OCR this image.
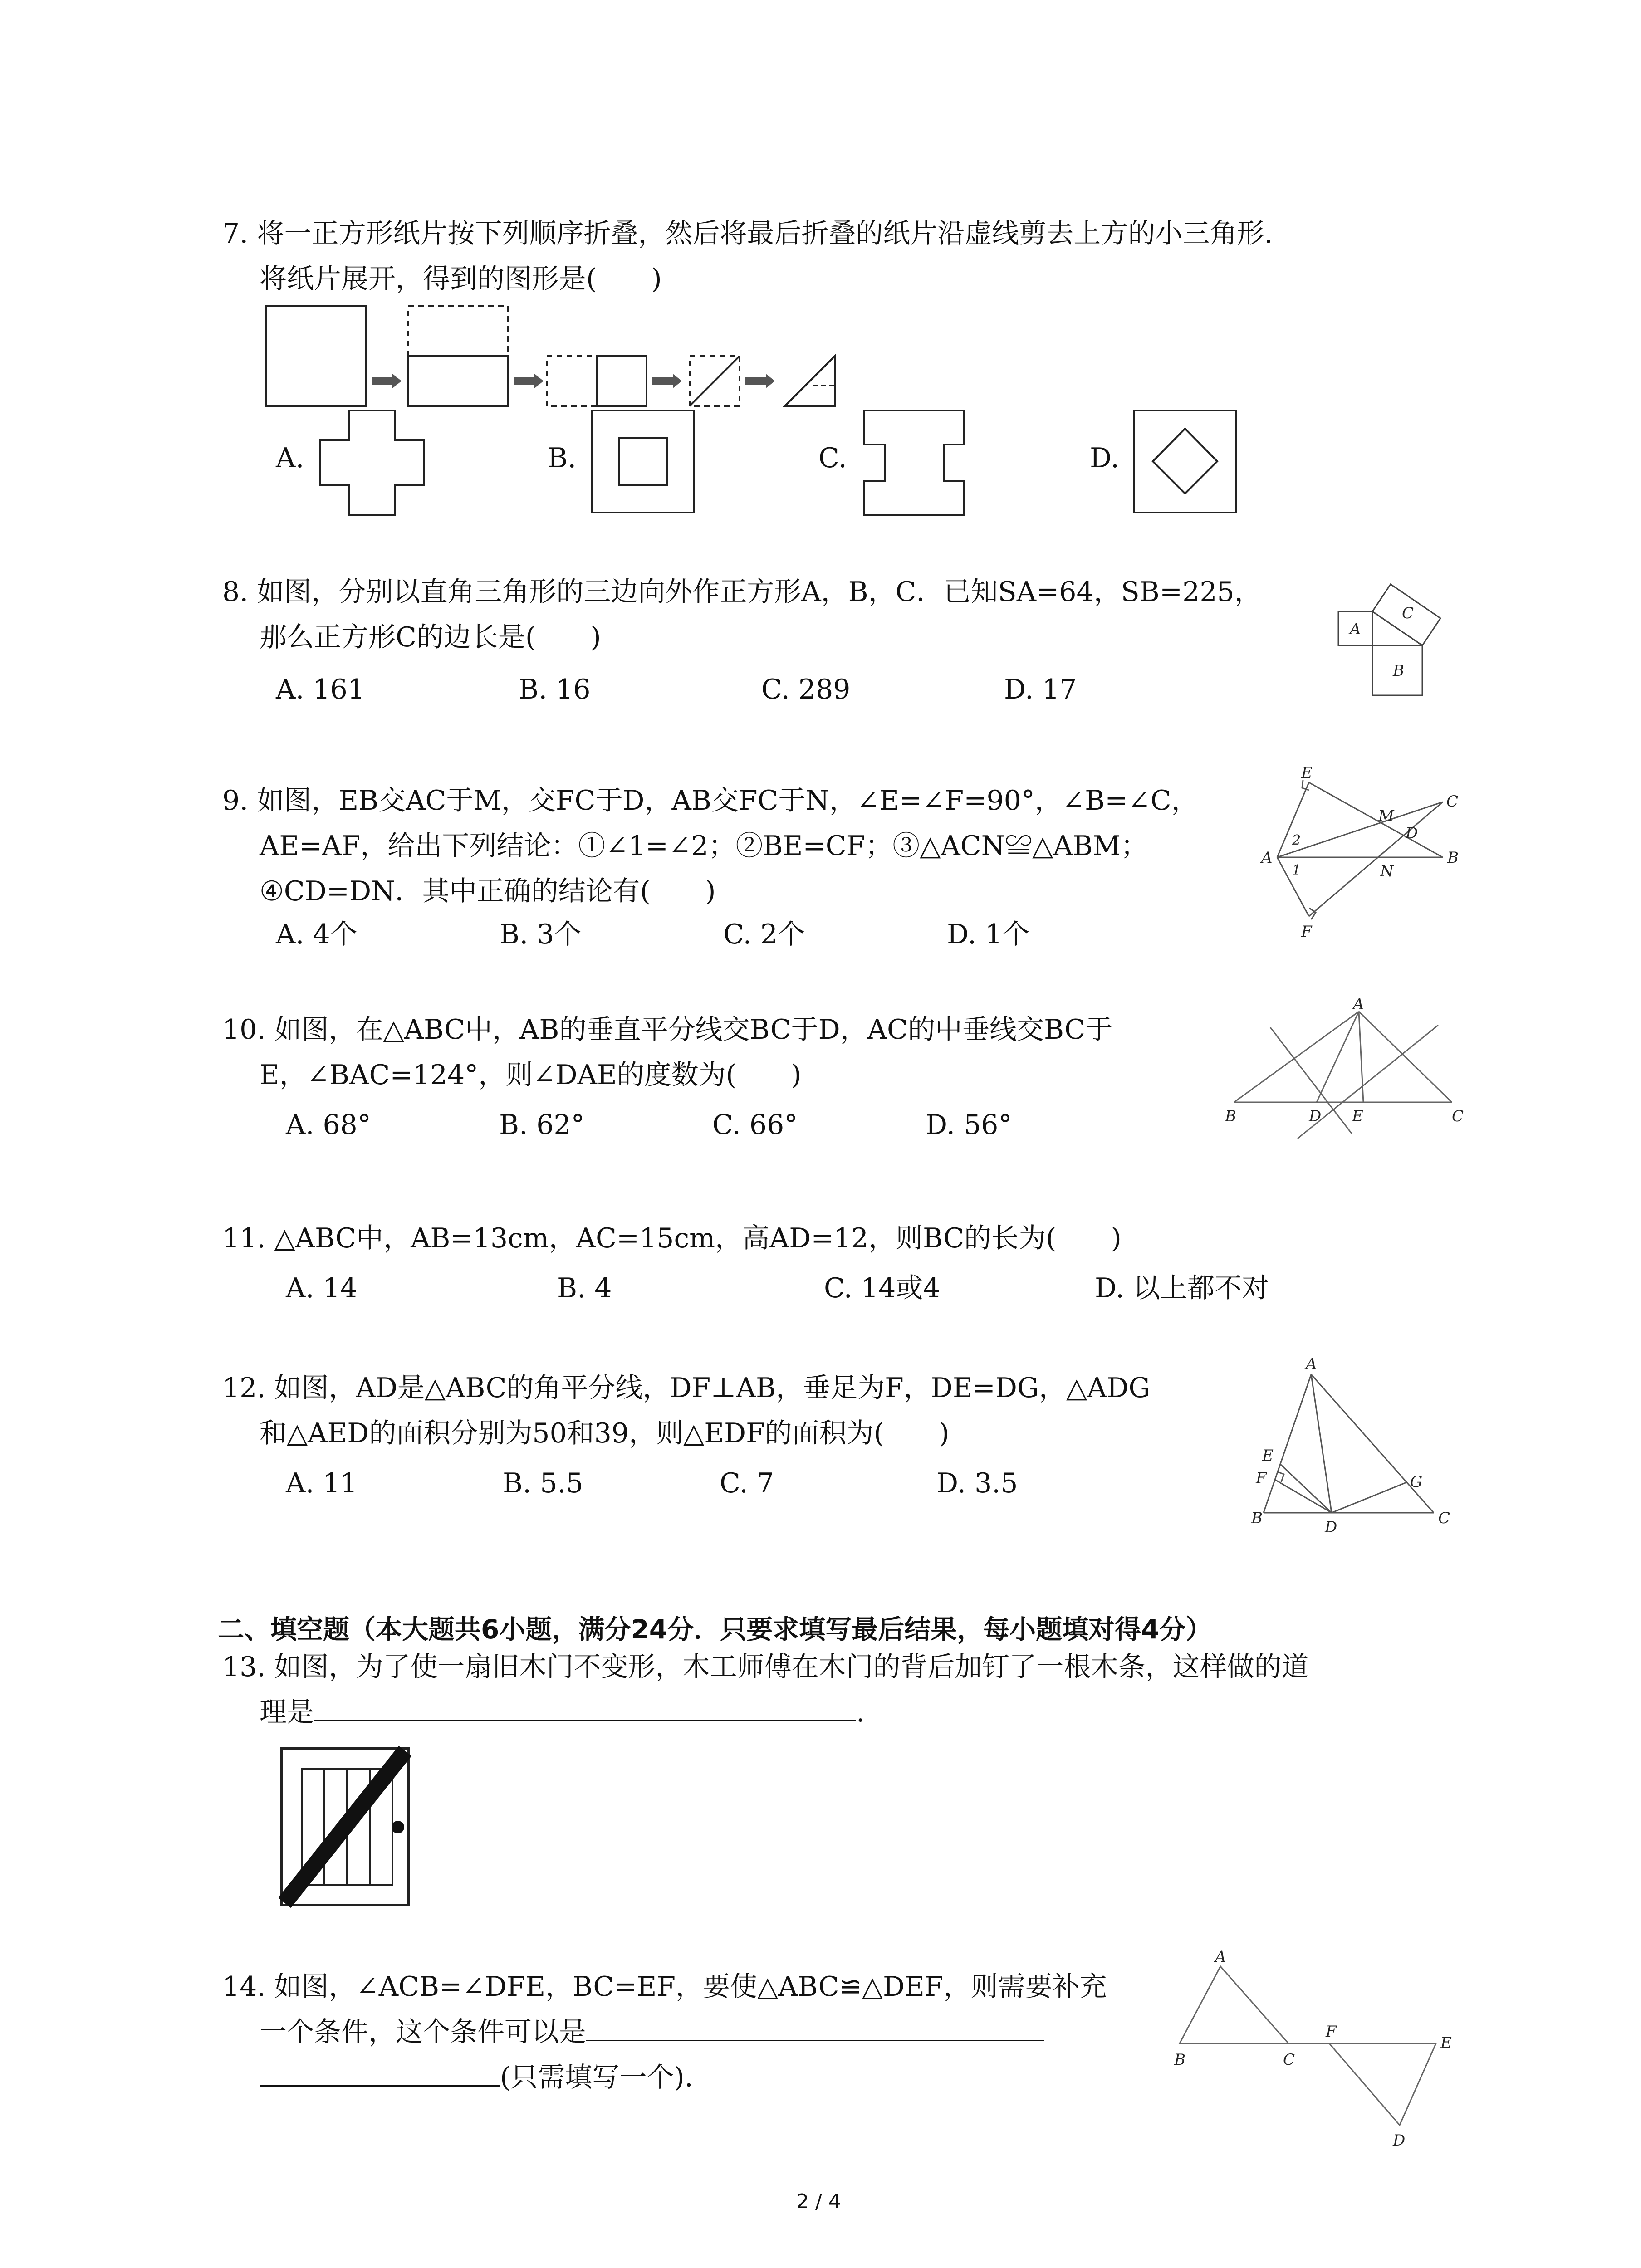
7. 将一正方形纸片按下列顺序折叠，然后将最后折叠的纸片沿虚线剪去上方的小三角形.
将纸片展开，得到的图形是(　　)
A.	B.	C.	D.
8. 如图，分别以直角三角形的三边向外作正方形A，B，C．已知SA=64，SB=225，
那么正方形C的边长是(　　)
A. 161	B. 16	C. 289	D. 17
A
B
C
9. 如图，EB交AC于M，交FC于D，AB交FC于N，∠E=∠F=90°，∠B=∠C，
AE=AF，给出下列结论：①∠1=∠2；②BE=CF；③△ACN≌△ABM；
④CD=DN．其中正确的结论有(　　)
A. 4个	B. 3个	C. 2个	D. 1个
E
C
M
D
A	B
N
F
1
2
10. 如图，在△ABC中，AB的垂直平分线交BC于D，AC的中垂线交BC于
E，∠BAC=124°，则∠DAE的度数为(　　)
A. 68°	B. 62°	C. 66°	D. 56°
A
B	D E	C
11. △ABC中，AB=13cm，AC=15cm，高AD=12，则BC的长为(　　)
A. 14	B. 4	C. 14或4	D. 以上都不对
12. 如图，AD是△ABC的角平分线，DF⊥AB，垂足为F，DE=DG，△ADG
和△AED的面积分别为50和39，则△EDF的面积为(　　)
A. 11	B. 5.5	C. 7	D. 3.5
A
E
F
B	D
G
C
二、填空题（本大题共6小题，满分24分．只要求填写最后结果，每小题填对得4分）
13. 如图，为了使一扇旧木门不变形，木工师傅在木门的背后加钉了一根木条，这样做的道
理是	.
14. 如图，∠ACB=∠DFE，BC=EF，要使△ABC≌△DEF，则需要补充
一个条件，这个条件可以是
(只需填写一个)．
A
B	C
F
E
D
2 / 4
